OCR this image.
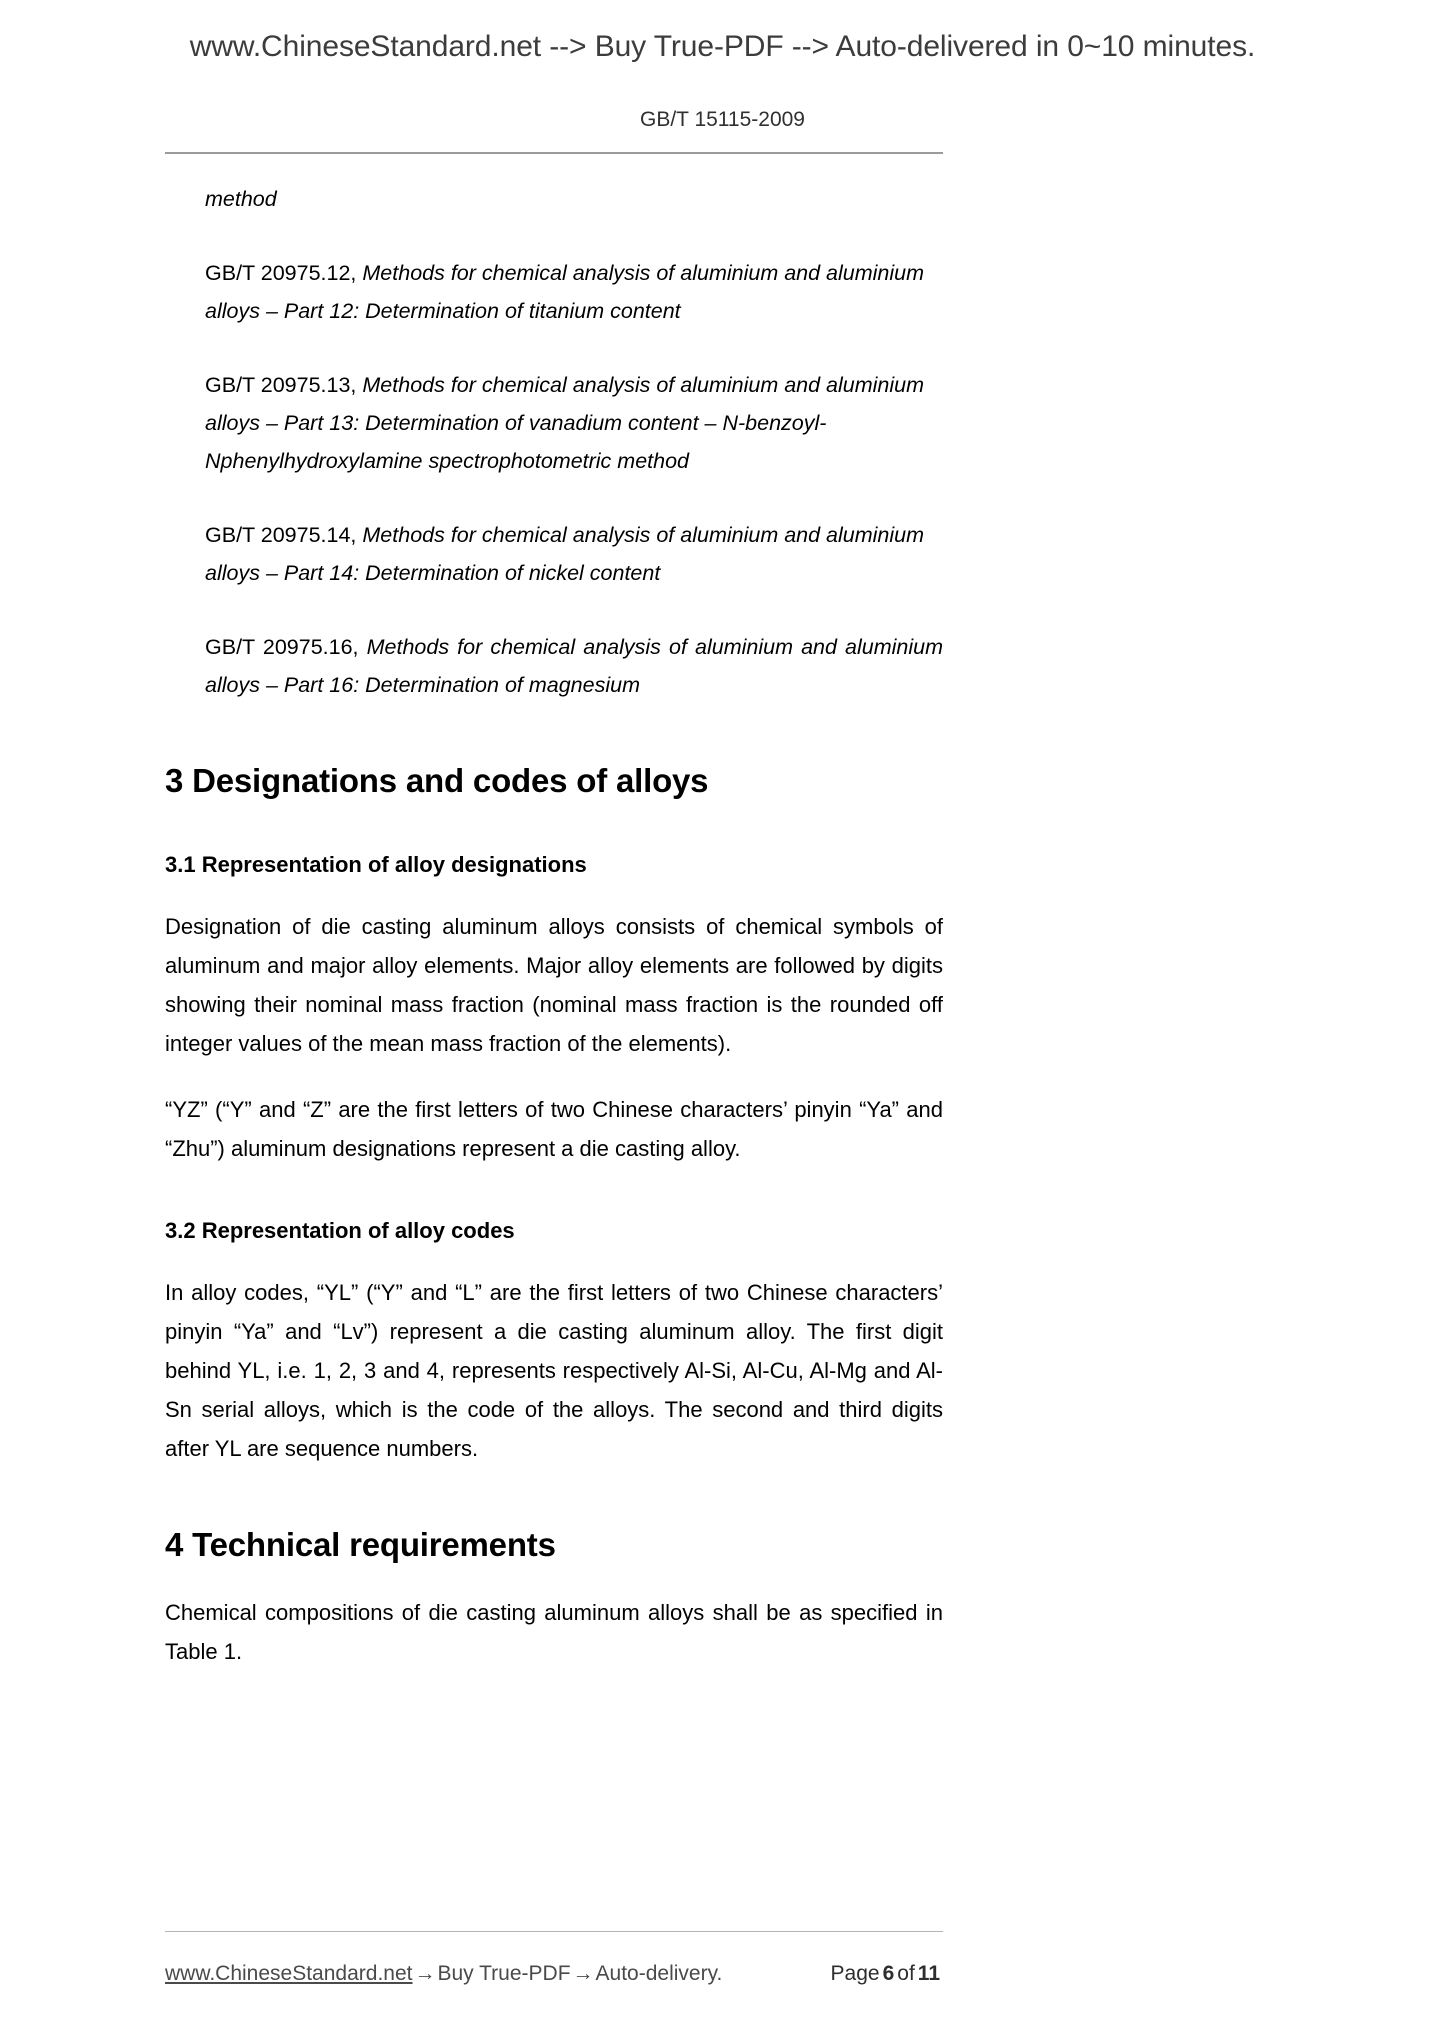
www.ChineseStandard.net --> Buy True-PDF --> Auto-delivered in 0~10 minutes.
GB/T 15115-2009
method
GB/T 20975.12, Methods for chemical analysis of aluminium and aluminium alloys – Part 12: Determination of titanium content
GB/T 20975.13, Methods for chemical analysis of aluminium and aluminium alloys – Part 13: Determination of vanadium content – N-benzoyl-Nphenylhydroxylamine spectrophotometric method
GB/T 20975.14, Methods for chemical analysis of aluminium and aluminium alloys – Part 14: Determination of nickel content
GB/T 20975.16, Methods for chemical analysis of aluminium and aluminium alloys – Part 16: Determination of magnesium
3 Designations and codes of alloys
3.1 Representation of alloy designations

Designation of die casting aluminum alloys consists of chemical symbols of aluminum and major alloy elements. Major alloy elements are followed by digits showing their nominal mass fraction (nominal mass fraction is the rounded off integer values of the mean mass fraction of the elements).

“YZ” (“Y” and “Z” are the first letters of two Chinese characters’ pinyin “Ya” and “Zhu”) aluminum designations represent a die casting alloy.

3.2 Representation of alloy codes

In alloy codes, “YL” (“Y” and “L” are the first letters of two Chinese characters’ pinyin “Ya” and “Lv”) represent a die casting aluminum alloy. The first digit behind YL, i.e. 1, 2, 3 and 4, represents respectively Al-Si, Al-Cu, Al-Mg and Al-Sn serial alloys, which is the code of the alloys. The second and third digits after YL are sequence numbers.

4 Technical requirements

Chemical compositions of die casting aluminum alloys shall be as specified in Table 1.

www.ChineseStandard.net→Buy True-PDF→Auto-delivery.	Page 6 of 11
